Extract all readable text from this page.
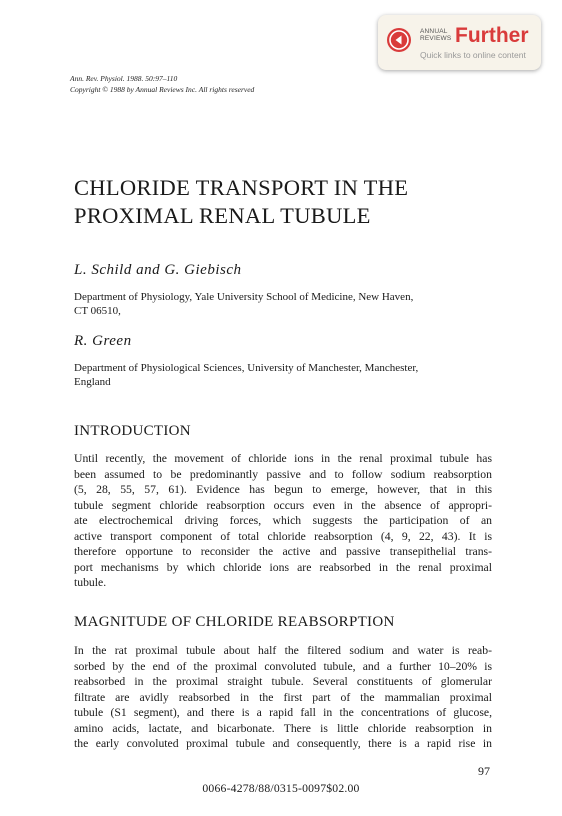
ANNUAL
REVIEWS Further
Quick links to online content
Ann. Rev. Physiol. 1988. 50:97–110
Copyright © 1988 by Annual Reviews Inc. All rights reserved
CHLORIDE TRANSPORT IN THE
PROXIMAL RENAL TUBULE
L. Schild and G. Giebisch
Department of Physiology, Yale University School of Medicine, New Haven,
CT 06510,
R. Green
Department of Physiological Sciences, University of Manchester, Manchester,
England
INTRODUCTION
Until recently, the movement of chloride ions in the renal proximal tubule has
been assumed to be predominantly passive and to follow sodium reabsorption
(5, 28, 55, 57, 61). Evidence has begun to emerge, however, that in this
tubule segment chloride reabsorption occurs even in the absence of appropri-
ate electrochemical driving forces, which suggests the participation of an
active transport component of total chloride reabsorption (4, 9, 22, 43). It is
therefore opportune to reconsider the active and passive transepithelial trans-
port mechanisms by which chloride ions are reabsorbed in the renal proximal
tubule.
MAGNITUDE OF CHLORIDE REABSORPTION
In the rat proximal tubule about half the filtered sodium and water is reab-
sorbed by the end of the proximal convoluted tubule, and a further 10–20% is
reabsorbed in the proximal straight tubule. Several constituents of glomerular
filtrate are avidly reabsorbed in the first part of the mammalian proximal
tubule (S1 segment), and there is a rapid fall in the concentrations of glucose,
amino acids, lactate, and bicarbonate. There is little chloride reabsorption in
the early convoluted proximal tubule and consequently, there is a rapid rise in
97
0066-4278/88/0315-0097$02.00
